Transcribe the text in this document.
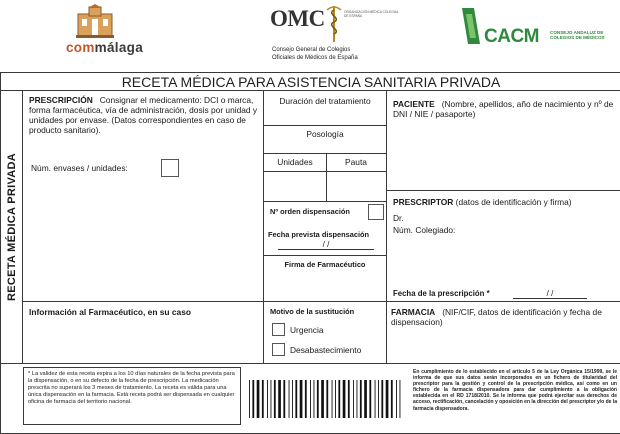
commálaga
OMC	ORGANIZACIÓN MÉDICA COLEGIAL DE ESPAÑA
Consejo General de Colegios
Oficiales de Médicos de España
CACM CONSEJO ANDALUZ DE COLEGIOS DE MÉDICOS
RECETA MÉDICA PARA ASISTENCIA SANITARIA PRIVADA
RECETA MÉDICA PRIVADA
PRESCRIPCIÓN Consignar el medicamento: DCI o marca, forma farmacéutica, vía de administración, dosis por unidad y unidades por envase. (Datos correspondientes en caso de producto sanitario).
Núm. envases / unidades:
Duración del tratamiento
Posología
Unidades	Pauta
Nº orden dispensación
Fecha prevista dispensación
/ /
Firma de Farmacéutico
PACIENTE (Nombre, apellidos, año de nacimiento y nº de DNI / NIE / pasaporte)
PRESCRIPTOR (datos de identificación y firma)
Dr.
Núm. Colegiado:
Fecha de la prescripción *	/ /
Información al Farmacéutico, en su caso	Motivo de la sustitución
Urgencia
Desabastecimiento
FARMACIA (NIF/CIF, datos de identificación y fecha de dispensacion)
* La validez de esta receta expira a los 10 días naturales de la fecha prevista para la dispensación, o en su defecto de la fecha de prescripción. La medicación prescrita no superará los 3 meses de tratamiento. La receta es válida para una única dispensación en la farmacia. Está receta podrá ser dispensada en cualquier oficina de farmacia del territorio nacional.
En cumplimiento de lo establecido en el artículo 5 de la Ley Orgánica 15/1999, se le informa de que sus datos serán incorporados en un fichero de titularidad del prescriptor para la gestión y control de la prescripción médica, así como en un fichero de la farmacia dispensadora para dar cumplimiento a la obligación establecida en el RD 1718/2010. Se le informa que podrá ejercitar sus derechos de acceso, rectificación, cancelación y oposición en la dirección del prescriptor y/o de la farmacia dispensadora.
